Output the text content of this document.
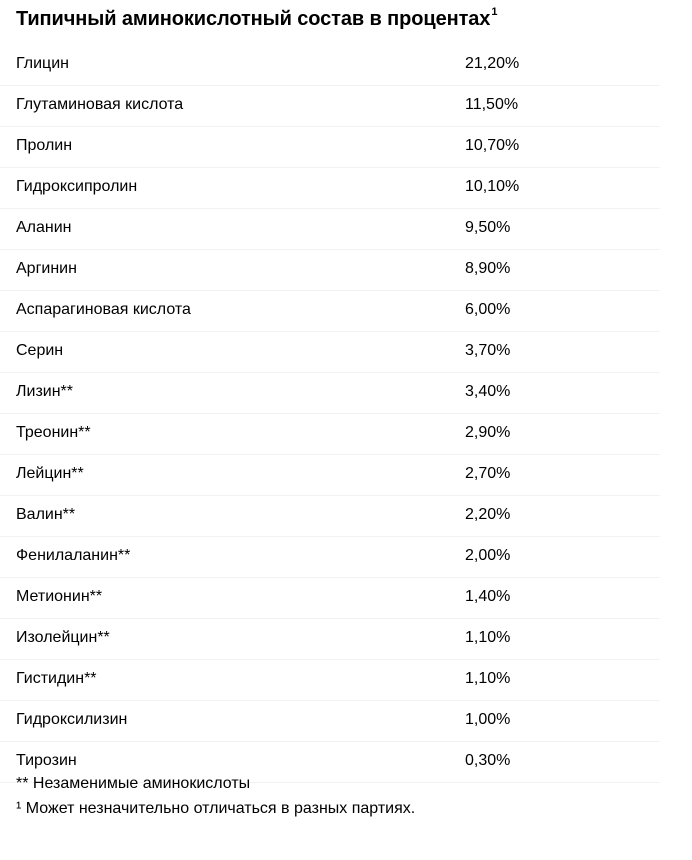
Типичный аминокислотный состав в процентах$^1$
Глицин	21,20%
Глутаминовая кислота	11,50%
Пролин	10,70%
Гидроксипролин	10,10%
Аланин	9,50%
Аргинин	8,90%
Аспарагиновая кислота	6,00%
Серин	3,70%
Лизин**	3,40%
Треонин**	2,90%
Лейцин**	2,70%
Валин**	2,20%
Фенилаланин**	2,00%
Метионин**	1,40%
Изолейцин**	1,10%
Гистидин**	1,10%
Гидроксилизин	1,00%
Тирозин	0,30%
** Незаменимые аминокислоты
¹ Может незначительно отличаться в разных партиях.
